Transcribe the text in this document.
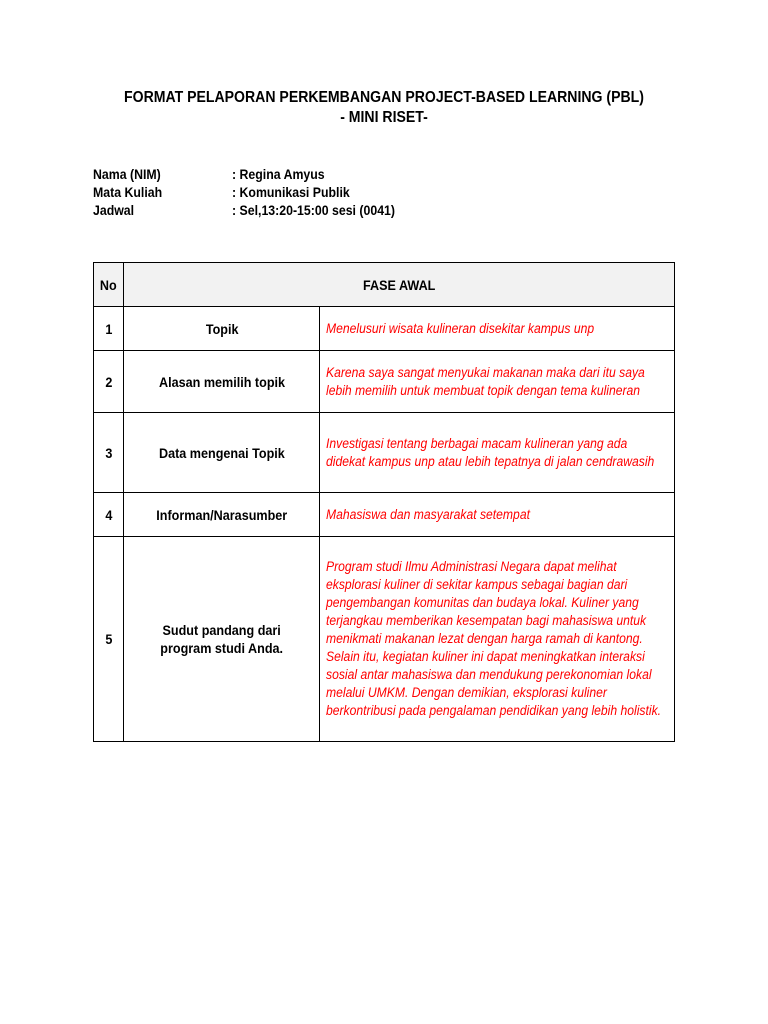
FORMAT PELAPORAN PERKEMBANGAN PROJECT-BASED LEARNING (PBL)
- MINI RISET-
Nama (NIM)	: Regina Amyus
Mata Kuliah	: Komunikasi Publik
Jadwal	: Sel,13:20-15:00 sesi (0041)
No	FASE AWAL	
1	Topik	Menelusuri wisata kulineran disekitar kampus unp
2	Alasan memilih topik	Karena saya sangat menyukai makanan maka dari itu saya lebih memilih untuk membuat topik dengan tema kulineran
3	Data mengenai Topik	Investigasi tentang berbagai macam kulineran yang ada didekat kampus unp atau lebih tepatnya di jalan cendrawasih
4	Informan/Narasumber	Mahasiswa dan masyarakat setempat
5	Sudut pandang dari program studi Anda.	Program studi Ilmu Administrasi Negara dapat melihat eksplorasi kuliner di sekitar kampus sebagai bagian dari pengembangan komunitas dan budaya lokal. Kuliner yang terjangkau memberikan kesempatan bagi mahasiswa untuk menikmati makanan lezat dengan harga ramah di kantong. Selain itu, kegiatan kuliner ini dapat meningkatkan interaksi sosial antar mahasiswa dan mendukung perekonomian lokal melalui UMKM. Dengan demikian, eksplorasi kuliner berkontribusi pada pengalaman pendidikan yang lebih holistik.
